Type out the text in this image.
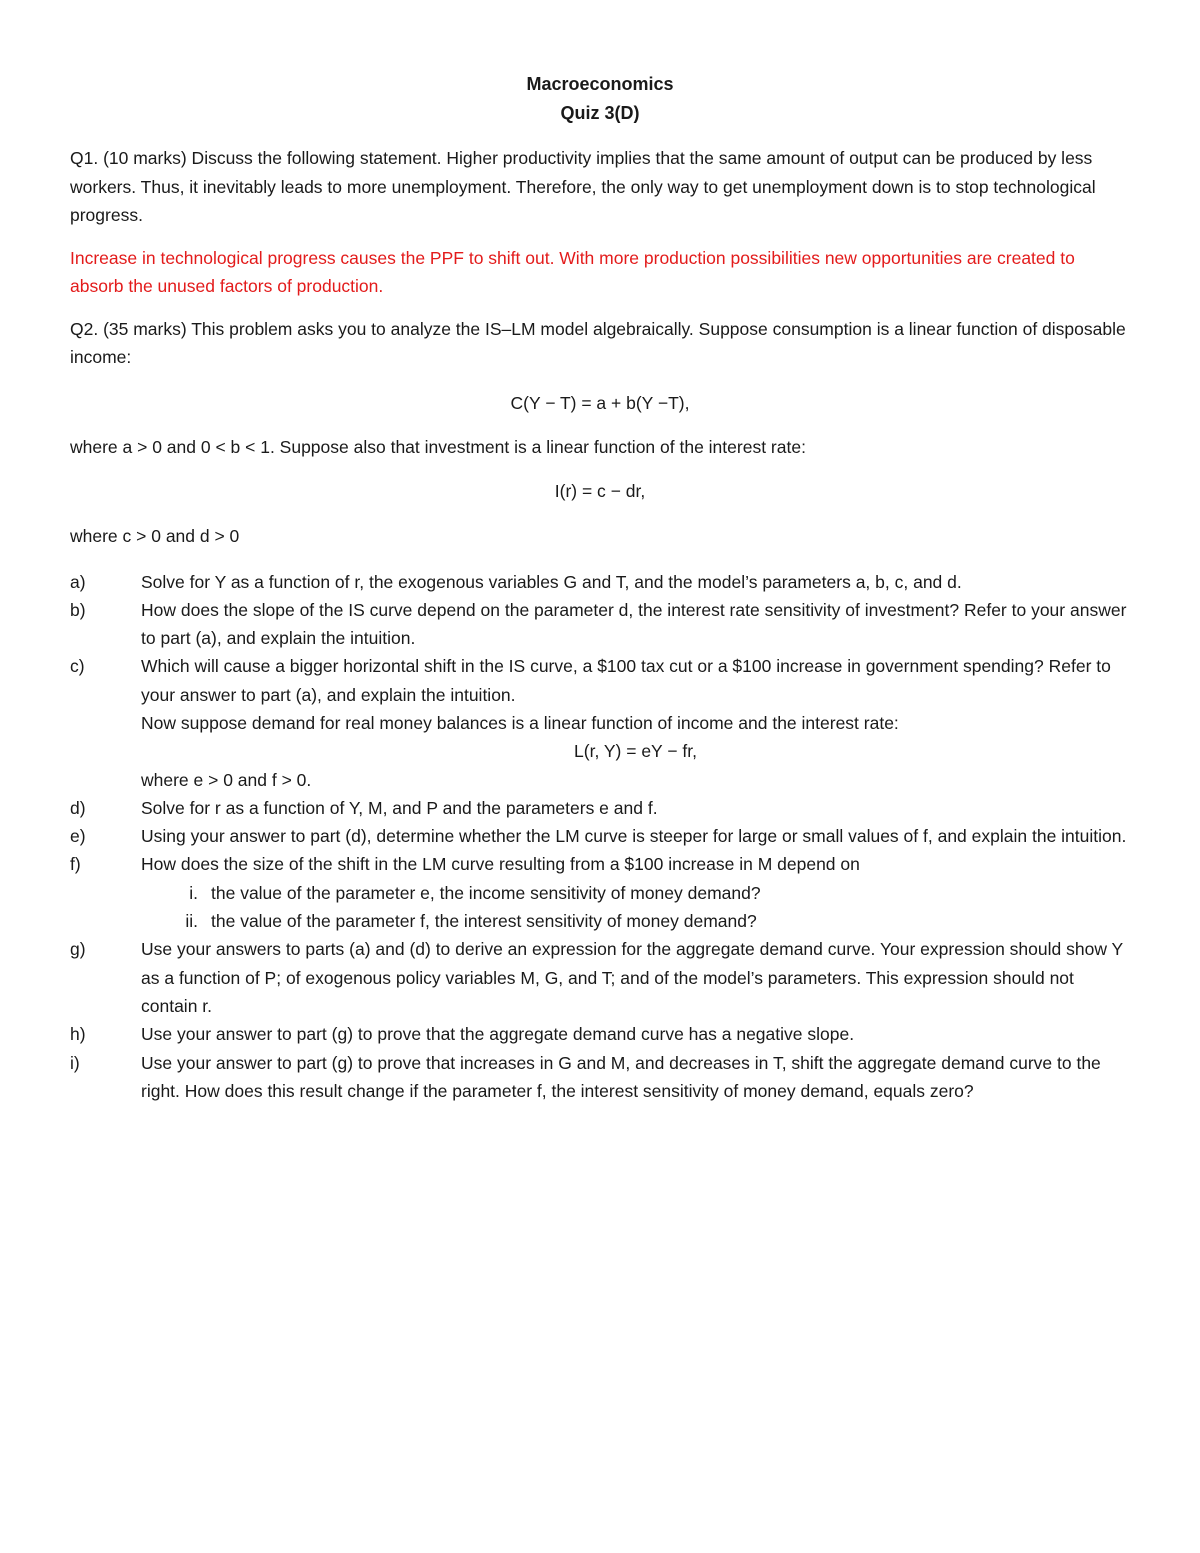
Macroeconomics

Quiz 3(D)

Q1. (10 marks) Discuss the following statement. Higher productivity implies that the same amount of output can be produced by less workers. Thus, it inevitably leads to more unemployment. Therefore, the only way to get unemployment down is to stop technological progress.

Increase in technological progress causes the PPF to shift out. With more production possibilities new opportunities are created to absorb the unused factors of production.

Q2. (35 marks) This problem asks you to analyze the IS–LM model algebraically. Suppose consumption is a linear function of disposable income:

C(Y − T) = a + b(Y −T),

where a > 0 and 0 < b < 1. Suppose also that investment is a linear function of the interest rate:

I(r) = c − dr,

where c > 0 and d > 0

a)	Solve for Y as a function of r, the exogenous variables G and T, and the model’s parameters a, b, c, and d.
b)	How does the slope of the IS curve depend on the parameter d, the interest rate sensitivity of investment? Refer to your answer to part (a), and explain the intuition.
c)	Which will cause a bigger horizontal shift in the IS curve, a $100 tax cut or a $100 increase in government spending? Refer to your answer to part (a), and explain the intuition.
Now suppose demand for real money balances is a linear function of income and the interest rate:
L(r, Y) = eY − fr,
where e > 0 and f > 0.
d)	Solve for r as a function of Y, M, and P and the parameters e and f.
e)	Using your answer to part (d), determine whether the LM curve is steeper for large or small values of f, and explain the intuition.
f)	How does the size of the shift in the LM curve resulting from a $100 increase in M depend on
i. the value of the parameter e, the income sensitivity of money demand?
ii. the value of the parameter f, the interest sensitivity of money demand?
g)	Use your answers to parts (a) and (d) to derive an expression for the aggregate demand curve. Your expression should show Y as a function of P; of exogenous policy variables M, G, and T; and of the model’s parameters. This expression should not contain r.
h)	Use your answer to part (g) to prove that the aggregate demand curve has a negative slope.
i)	Use your answer to part (g) to prove that increases in G and M, and decreases in T, shift the aggregate demand curve to the right. How does this result change if the parameter f, the interest sensitivity of money demand, equals zero?
